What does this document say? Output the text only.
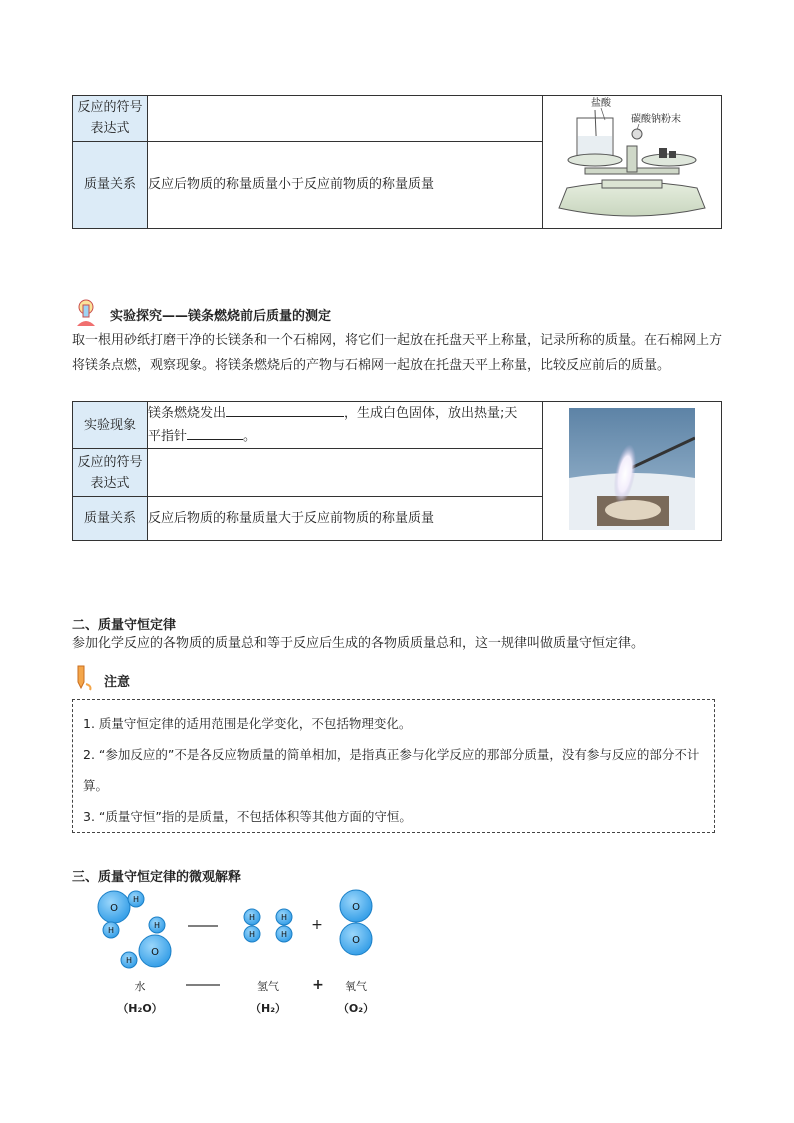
反应的符号表达式		盐酸
碳酸钠粉末

质量关系	反应后物质的称量质量小于反应前物质的称量质量	
实验探究——镁条燃烧前后质量的测定
取一根用砂纸打磨干净的长镁条和一个石棉网，将它们一起放在托盘天平上称量，记录所称的质量。在石棉网上方将镁条点燃，观察现象。将镁条燃烧后的产物与石棉网一起放在托盘天平上称量，比较反应前后的质量。
实验现象	镁条燃烧发出 ，生成白色固体，放出热量;天
平指针 。	
反应的符号表达式		
质量关系	反应后物质的称量质量大于反应前物质的称量质量	
二、质量守恒定律
参加化学反应的各物质的质量总和等于反应后生成的各物质质量总和，这一规律叫做质量守恒定律。
注意

1. 质量守恒定律的适用范围是化学变化，不包括物理变化。

2. “参加反应的”不是各反应物质量的简单相加，是指真正参与化学反应的那部分质量，没有参与反应的部分不计算。

3. “质量守恒”指的是质量，不包括体积等其他方面的守恒。

三、质量守恒定律的微观解释
O
H
H
O
H
H
H
H
H
H
+
O
O
水
（H₂O）
氢气
（H₂）
+	氧气
（O₂）
